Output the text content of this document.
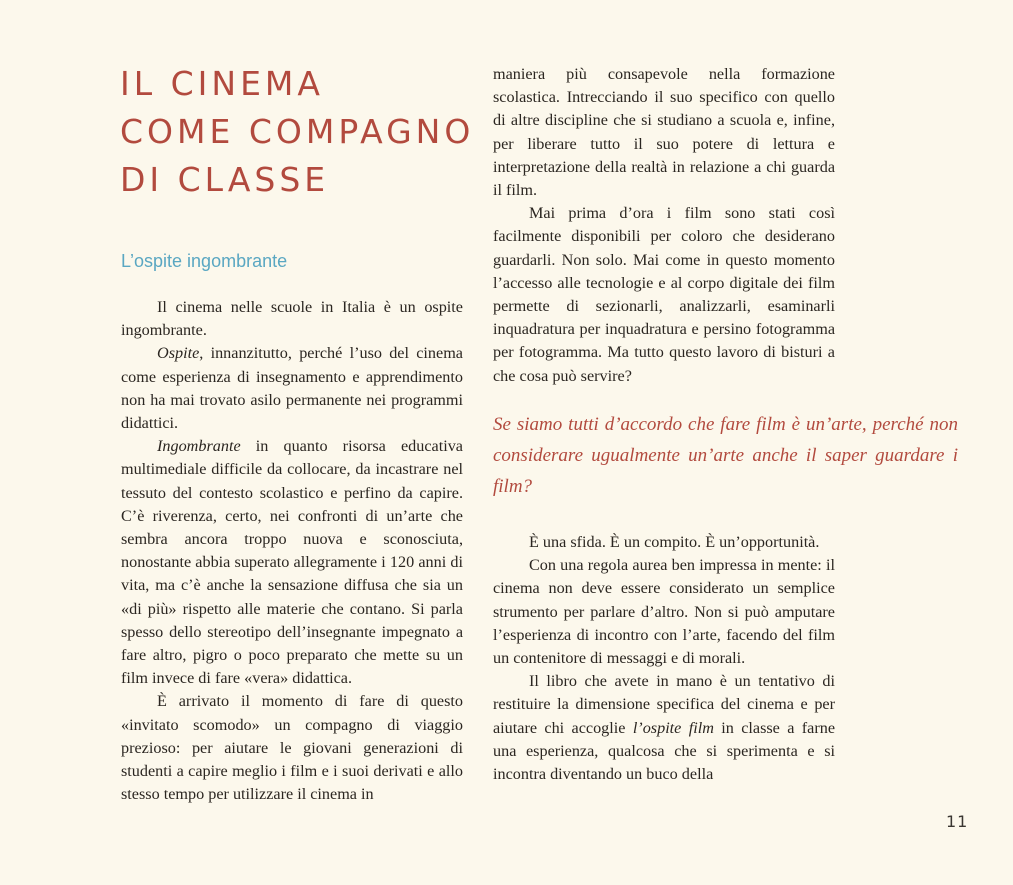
IL CINEMA
COME COMPAGNO
DI CLASSE
L’ospite ingombrante

Il cinema nelle scuole in Italia è un ospite ingombrante.

Ospite, innanzitutto, perché l’uso del cinema come esperienza di insegnamento e apprendimento non ha mai trovato asilo permanente nei programmi didattici.

Ingombrante in quanto risorsa educativa multimediale difficile da collocare, da incastrare nel tessuto del contesto scolastico e perfino da capire. C’è riverenza, certo, nei confronti di un’arte che sembra ancora troppo nuova e sconosciuta, nonostante abbia superato allegramente i 120 anni di vita, ma c’è anche la sensazione diffusa che sia un «di più» rispetto alle materie che contano. Si parla spesso dello stereotipo dell’insegnante impegnato a fare altro, pigro o poco preparato che mette su un film invece di fare «vera» didattica.

È arrivato il momento di fare di questo «invitato scomodo» un compagno di viaggio prezioso: per aiutare le giovani generazioni di studenti a capire meglio i film e i suoi derivati e allo stesso tempo per utilizzare il cinema in

maniera più consapevole nella formazione scolastica. Intrecciando il suo specifico con quello di altre discipline che si studiano a scuola e, infine, per liberare tutto il suo potere di lettura e interpretazione della realtà in relazione a chi guarda il film.

Mai prima d’ora i film sono stati così facilmente disponibili per coloro che desiderano guardarli. Non solo. Mai come in questo momento l’accesso alle tecnologie e al corpo digitale dei film permette di sezionarli, analizzarli, esaminarli inquadratura per inquadratura e persino fotogramma per fotogramma. Ma tutto questo lavoro di bisturi a che cosa può servire?

Se siamo tutti d’accordo che fare film è un’arte, perché non considerare ugualmente un’arte anche il saper guardare i film?

È una sfida. È un compito. È un’opportunità.

Con una regola aurea ben impressa in mente: il cinema non deve essere considerato un semplice strumento per parlare d’altro. Non si può amputare l’esperienza di incontro con l’arte, facendo del film un contenitore di messaggi e di morali.

Il libro che avete in mano è un tentativo di restituire la dimensione specifica del cinema e per aiutare chi accoglie l’ospite film in classe a farne una esperienza, qualcosa che si sperimenta e si incontra diventando un buco della

11
